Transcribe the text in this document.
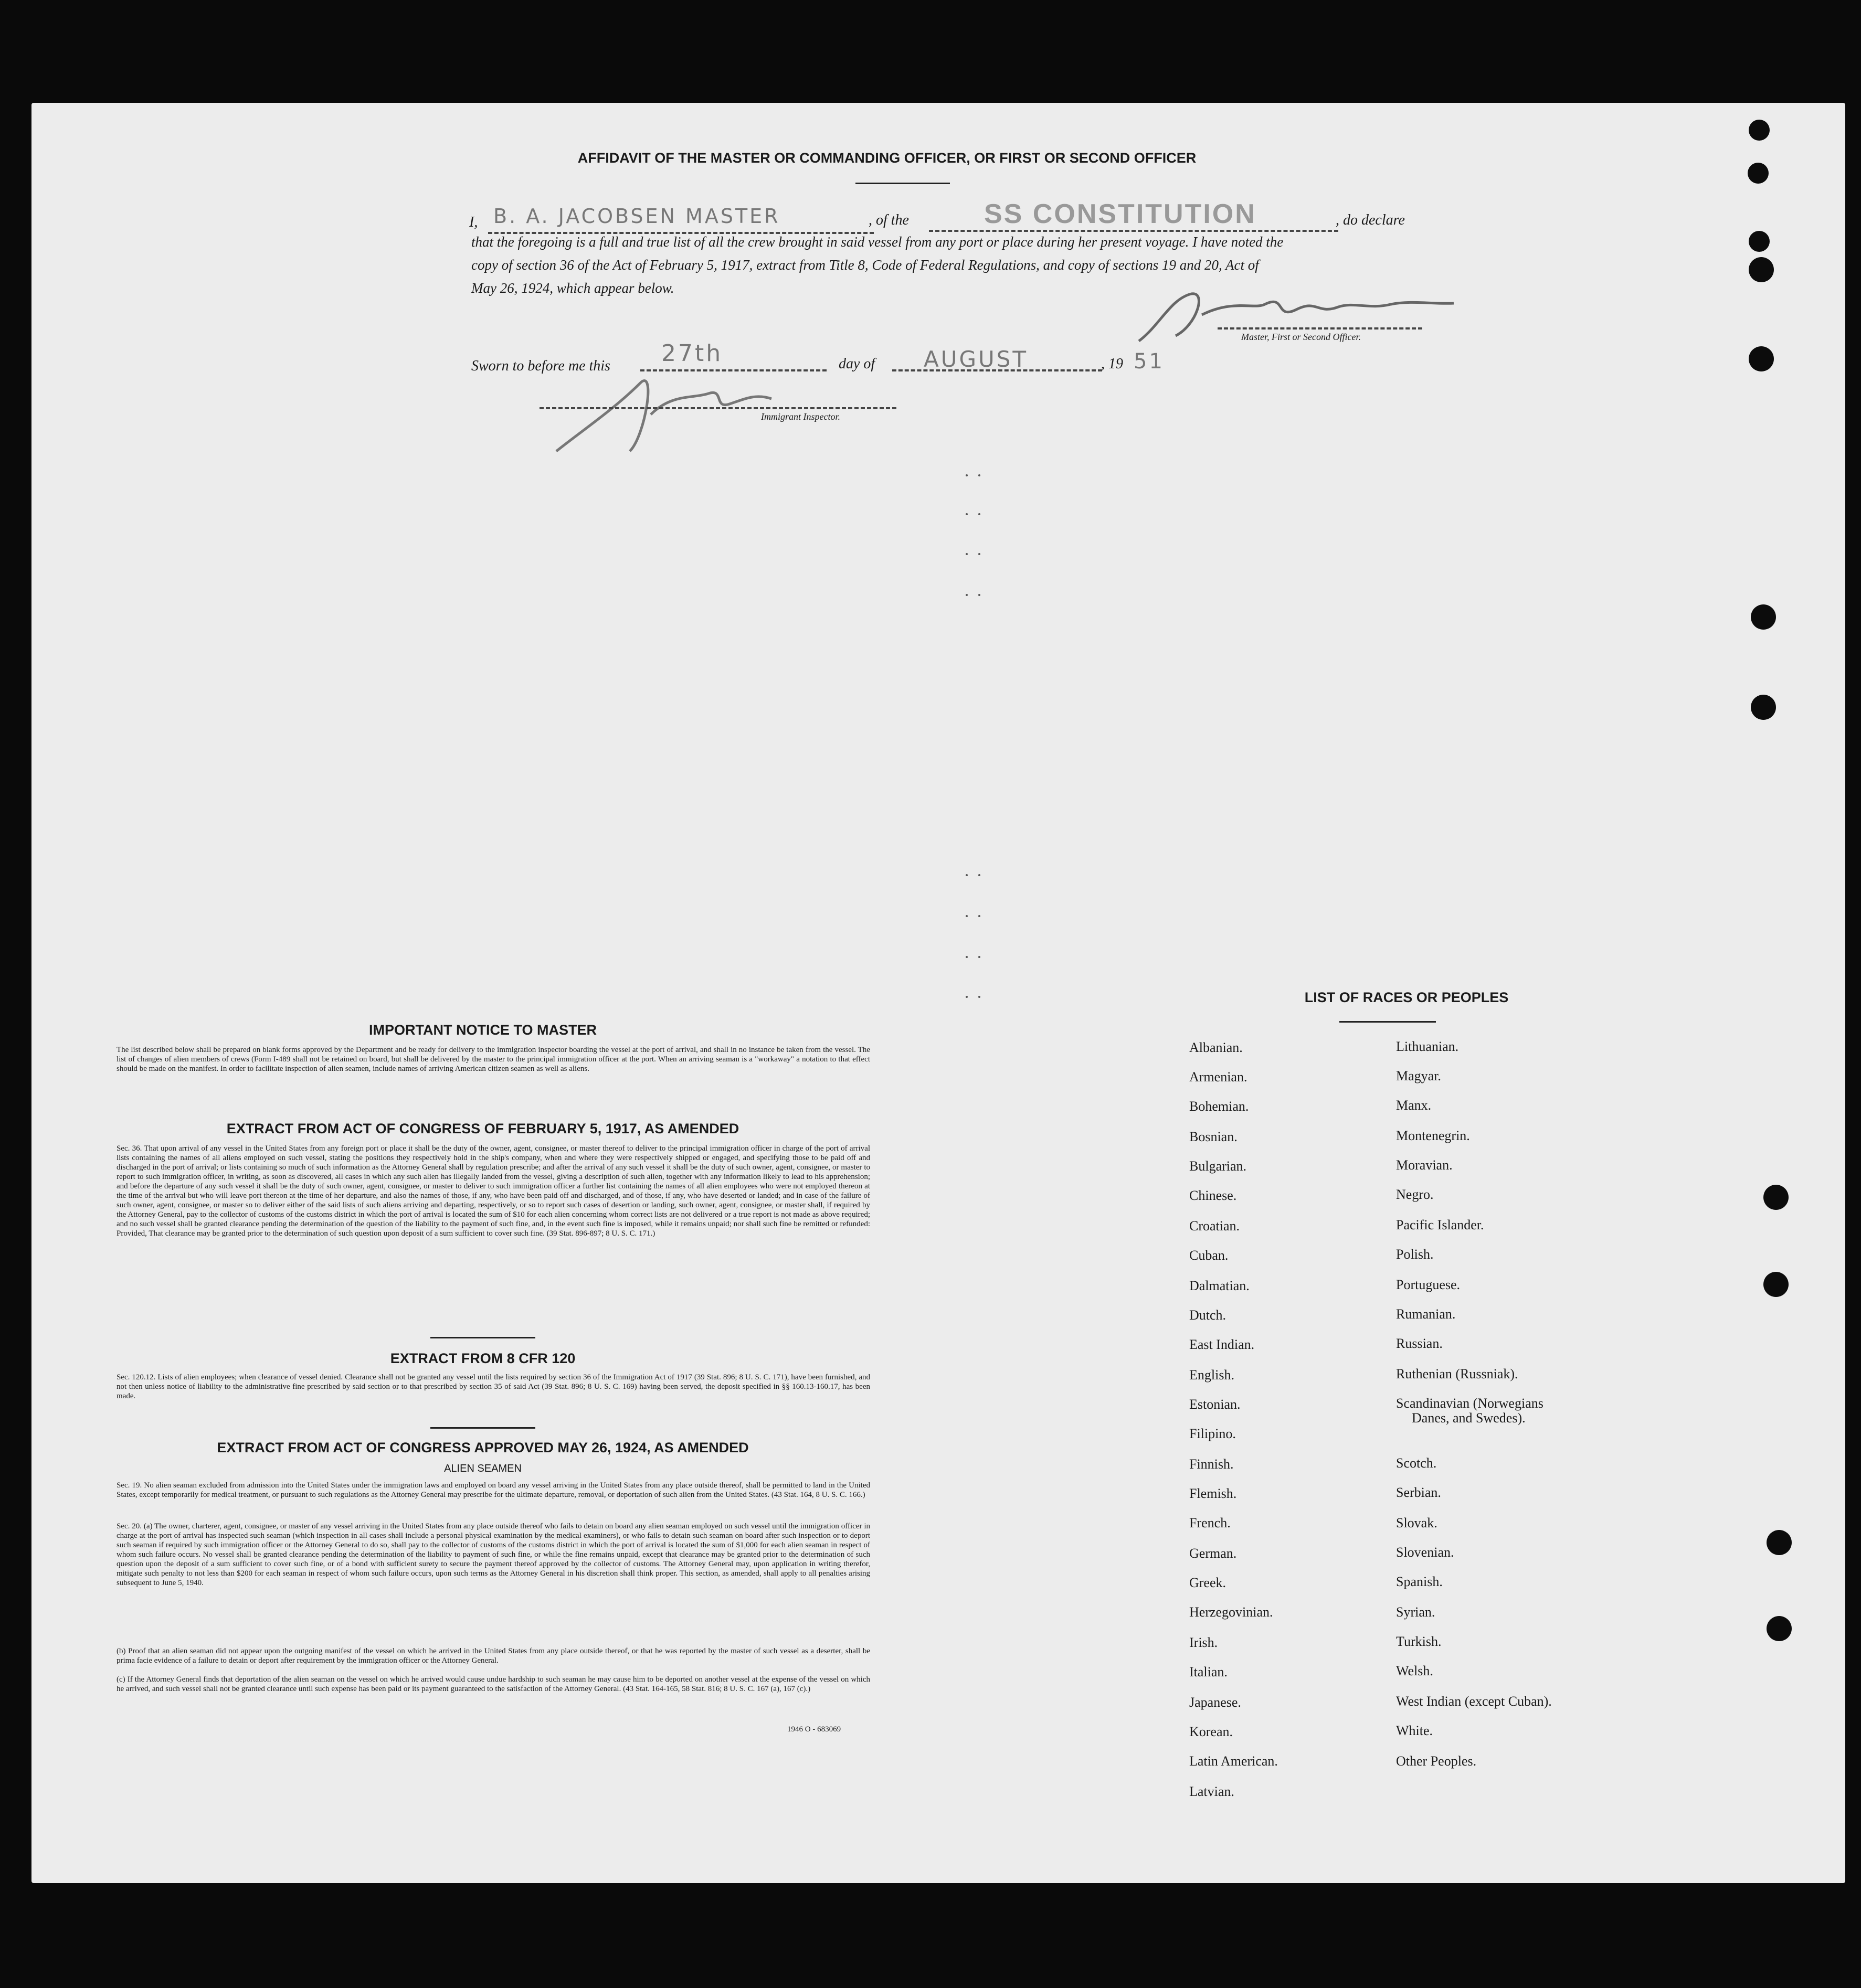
AFFIDAVIT OF THE MASTER OR COMMANDING OFFICER, OR FIRST OR SECOND OFFICER
I, B. A. JACOBSEN MASTER	, of the	SS CONSTITUTION	, do declare
that the foregoing is a full and true list of all the crew brought in said vessel from any port or place during her present voyage. I have noted the
copy of section 36 of the Act of February 5, 1917, extract from Title 8, Code of Federal Regulations, and copy of sections 19 and 20, Act of
May 26, 1924, which appear below.
Master, First or Second Officer.
Sworn to before me this 27th	day of AUGUST	, 19 51
Immigrant Inspector.
IMPORTANT NOTICE TO MASTER
The list described below shall be prepared on blank forms approved by the Department and be ready for delivery to the immigration inspector boarding the vessel at the port of arrival, and shall in no instance be taken from the vessel. The list of changes of alien members of crews (Form I-489 shall not be retained on board, but shall be delivered by the master to the principal immigration officer at the port. When an arriving seaman is a "workaway" a notation to that effect should be made on the manifest. In order to facilitate inspection of alien seamen, include names of arriving American citizen seamen as well as aliens.
EXTRACT FROM ACT OF CONGRESS OF FEBRUARY 5, 1917, AS AMENDED
Sec. 36. That upon arrival of any vessel in the United States from any foreign port or place it shall be the duty of the owner, agent, consignee, or master thereof to deliver to the principal immigration officer in charge of the port of arrival lists containing the names of all aliens employed on such vessel, stating the positions they respectively hold in the ship's company, when and where they were respectively shipped or engaged, and specifying those to be paid off and discharged in the port of arrival; or lists containing so much of such information as the Attorney General shall by regulation prescribe; and after the arrival of any such vessel it shall be the duty of such owner, agent, consignee, or master to report to such immigration officer, in writing, as soon as discovered, all cases in which any such alien has illegally landed from the vessel, giving a description of such alien, together with any information likely to lead to his apprehension; and before the departure of any such vessel it shall be the duty of such owner, agent, consignee, or master to deliver to such immigration officer a further list containing the names of all alien employees who were not employed thereon at the time of the arrival but who will leave port thereon at the time of her departure, and also the names of those, if any, who have been paid off and discharged, and of those, if any, who have deserted or landed; and in case of the failure of such owner, agent, consignee, or master so to deliver either of the said lists of such aliens arriving and departing, respectively, or so to report such cases of desertion or landing, such owner, agent, consignee, or master shall, if required by the Attorney General, pay to the collector of customs of the customs district in which the port of arrival is located the sum of $10 for each alien concerning whom correct lists are not delivered or a true report is not made as above required; and no such vessel shall be granted clearance pending the determination of the question of the liability to the payment of such fine, and, in the event such fine is imposed, while it remains unpaid; nor shall such fine be remitted or refunded: Provided, That clearance may be granted prior to the determination of such question upon deposit of a sum sufficient to cover such fine. (39 Stat. 896-897; 8 U. S. C. 171.)
EXTRACT FROM 8 CFR 120
Sec. 120.12. Lists of alien employees; when clearance of vessel denied. Clearance shall not be granted any vessel until the lists required by section 36 of the Immigration Act of 1917 (39 Stat. 896; 8 U. S. C. 171), have been furnished, and not then unless notice of liability to the administrative fine prescribed by said section or to that prescribed by section 35 of said Act (39 Stat. 896; 8 U. S. C. 169) having been served, the deposit specified in §§ 160.13-160.17, has been made.
EXTRACT FROM ACT OF CONGRESS APPROVED MAY 26, 1924, AS AMENDED
ALIEN SEAMEN
Sec. 19. No alien seaman excluded from admission into the United States under the immigration laws and employed on board any vessel arriving in the United States from any place outside thereof, shall be permitted to land in the United States, except temporarily for medical treatment, or pursuant to such regulations as the Attorney General may prescribe for the ultimate departure, removal, or deportation of such alien from the United States. (43 Stat. 164, 8 U. S. C. 166.)
Sec. 20. (a) The owner, charterer, agent, consignee, or master of any vessel arriving in the United States from any place outside thereof who fails to detain on board any alien seaman employed on such vessel until the immigration officer in charge at the port of arrival has inspected such seaman (which inspection in all cases shall include a personal physical examination by the medical examiners), or who fails to detain such seaman on board after such inspection or to deport such seaman if required by such immigration officer or the Attorney General to do so, shall pay to the collector of customs of the customs district in which the port of arrival is located the sum of $1,000 for each alien seaman in respect of whom such failure occurs. No vessel shall be granted clearance pending the determination of the liability to payment of such fine, or while the fine remains unpaid, except that clearance may be granted prior to the determination of such question upon the deposit of a sum sufficient to cover such fine, or of a bond with sufficient surety to secure the payment thereof approved by the collector of customs. The Attorney General may, upon application in writing therefor, mitigate such penalty to not less than $200 for each seaman in respect of whom such failure occurs, upon such terms as the Attorney General in his discretion shall think proper. This section, as amended, shall apply to all penalties arising subsequent to June 5, 1940.
(b) Proof that an alien seaman did not appear upon the outgoing manifest of the vessel on which he arrived in the United States from any place outside thereof, or that he was reported by the master of such vessel as a deserter, shall be prima facie evidence of a failure to detain or deport after requirement by the immigration officer or the Attorney General.
(c) If the Attorney General finds that deportation of the alien seaman on the vessel on which he arrived would cause undue hardship to such seaman he may cause him to be deported on another vessel at the expense of the vessel on which he arrived, and such vessel shall not be granted clearance until such expense has been paid or its payment guaranteed to the satisfaction of the Attorney General. (43 Stat. 164-165, 58 Stat. 816; 8 U. S. C. 167 (a), 167 (c).)
1946 O - 683069
LIST OF RACES OR PEOPLES
Albanian.
Armenian.
Bohemian.
Bosnian.
Bulgarian.
Chinese.
Croatian.
Cuban.
Dalmatian.
Dutch.
East Indian.
English.
Estonian.
Filipino.
Finnish.
Flemish.
French.
German.
Greek.
Herzegovinian.
Irish.
Italian.
Japanese.
Korean.
Latin American.
Latvian.
Lithuanian.
Magyar.
Manx.
Montenegrin.
Moravian.
Negro.
Pacific Islander.
Polish.
Portuguese.
Rumanian.
Russian.
Ruthenian (Russniak).
Scandinavian (Norwegians
Danes, and Swedes).
Scotch.
Serbian.
Slovak.
Slovenian.
Spanish.
Syrian.
Turkish.
Welsh.
West Indian (except Cuban).
White.
Other Peoples.
